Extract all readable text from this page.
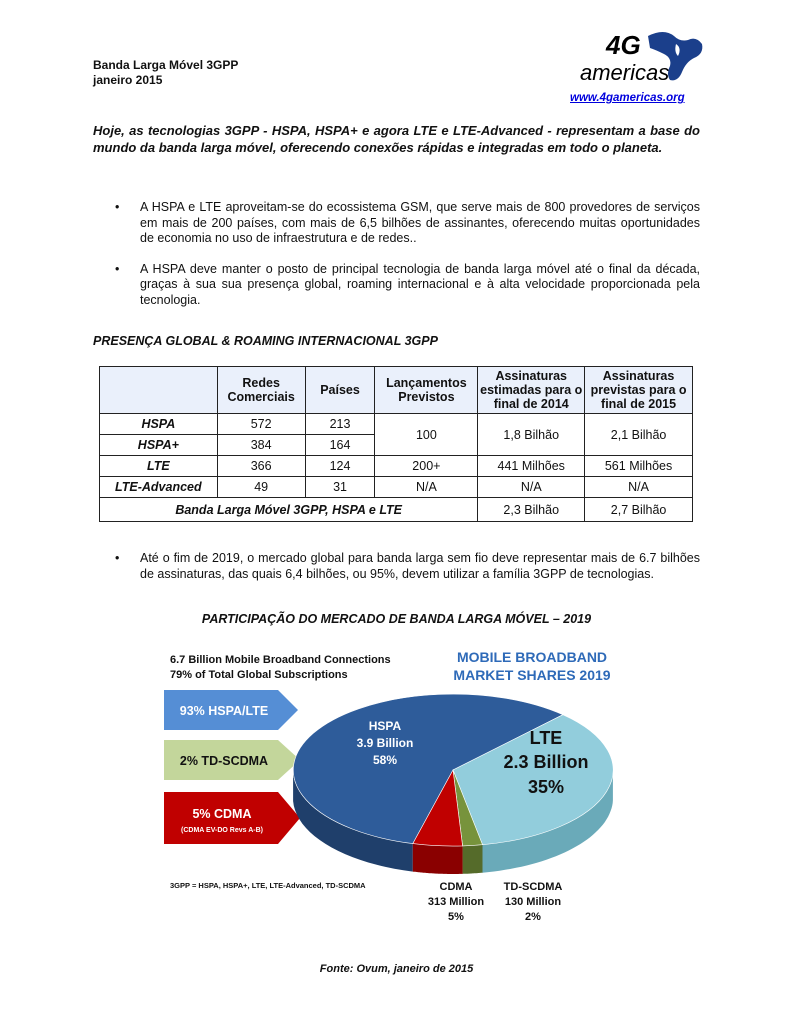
Banda Larga Móvel 3GPP
janeiro 2015
4G
americas
www.4gamericas.org
Hoje, as tecnologias 3GPP - HSPA, HSPA+ e agora LTE e LTE-Advanced - representam a base do mundo da banda larga móvel, oferecendo conexões rápidas e integradas em todo o planeta.
• A HSPA e LTE aproveitam-se do ecossistema GSM, que serve mais de 800 provedores de serviços em mais de 200 países, com mais de 6,5 bilhões de assinantes, oferecendo muitas oportunidades de economia no uso de infraestrutura e de redes..
• A HSPA deve manter o posto de principal tecnologia de banda larga móvel até o final da década, graças à sua sua presença global, roaming internacional e à alta velocidade proporcionada pela tecnologia.
PRESENÇA GLOBAL & ROAMING INTERNACIONAL 3GPP
	Redes Comerciais	Países	Lançamentos Previstos	Assinaturas estimadas para o final de 2014	Assinaturas previstas para o final de 2015
HSPA	572	213	100	1,8 Bilhão	2,1 Bilhão
HSPA+	384	164			
LTE	366	124	200+	441 Milhões	561 Milhões
LTE-Advanced	49	31	N/A	N/A	N/A
Banda Larga Móvel 3GPP, HSPA e LTE				2,3 Bilhão	2,7 Bilhão
• Até o fim de 2019, o mercado global para banda larga sem fio deve representar mais de 6.7 bilhões de assinaturas, das quais 6,4 bilhões, ou 95%, devem utilizar a família 3GPP de tecnologias.
PARTICIPAÇÃO DO MERCADO DE BANDA LARGA MÓVEL – 2019
6.7 Billion Mobile Broadband Connections
79% of Total Global Subscriptions
MOBILE BROADBAND
MARKET SHARES 2019
93% HSPA/LTE
2% TD-SCDMA
5% CDMA
(CDMA EV-DO Revs A-B)
HSPA
3.9 Billion
58%
LTE
2.3 Billion
35%
CDMA
313 Million
5%
TD-SCDMA
130 Million
2%
3GPP = HSPA, HSPA+, LTE, LTE-Advanced, TD-SCDMA
Fonte: Ovum, janeiro de 2015
